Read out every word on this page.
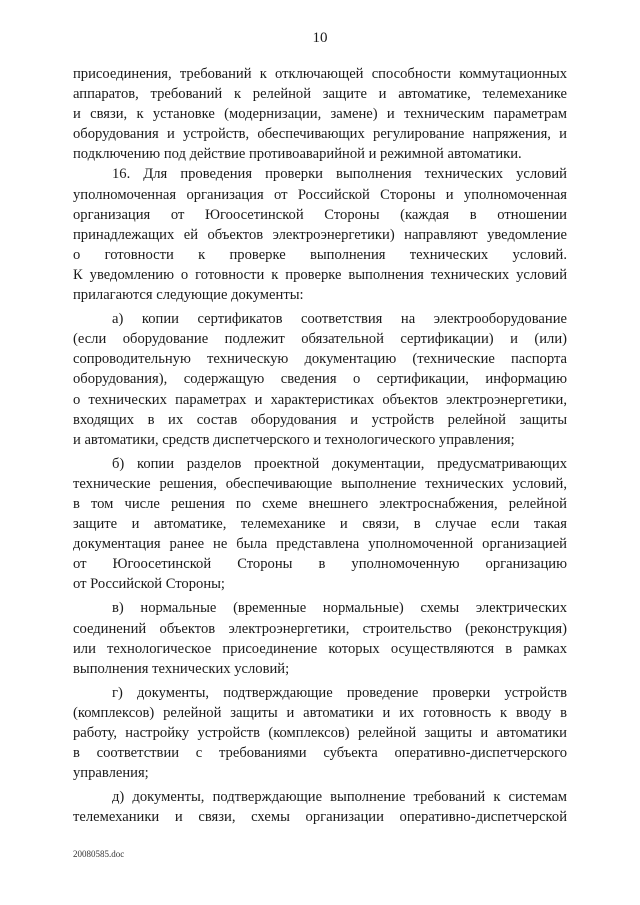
10
присоединения, требований к отключающей способности коммутационных
аппаратов, требований к релейной защите и автоматике, телемеханике
и связи, к установке (модернизации, замене) и техническим параметрам
оборудования и устройств, обеспечивающих регулирование напряжения, и
подключению под действие противоаварийной и режимной автоматики.
16. Для проведения проверки выполнения технических условий
уполномоченная организация от Российской Стороны и уполномоченная
организация от Югоосетинской Стороны (каждая в отношении
принадлежащих ей объектов электроэнергетики) направляют уведомление
о готовности к проверке выполнения технических условий.
К уведомлению о готовности к проверке выполнения технических условий
прилагаются следующие документы:
а) копии сертификатов соответствия на электрооборудование
(если оборудование подлежит обязательной сертификации) и (или)
сопроводительную техническую документацию (технические паспорта
оборудования), содержащую сведения о сертификации, информацию
о технических параметрах и характеристиках объектов электроэнергетики,
входящих в их состав оборудования и устройств релейной защиты
и автоматики, средств диспетчерского и технологического управления;
б) копии разделов проектной документации, предусматривающих
технические решения, обеспечивающие выполнение технических условий,
в том числе решения по схеме внешнего электроснабжения, релейной
защите и автоматике, телемеханике и связи, в случае если такая
документация ранее не была представлена уполномоченной организацией
от Югоосетинской Стороны в уполномоченную организацию
от Российской Стороны;
в) нормальные (временные нормальные) схемы электрических
соединений объектов электроэнергетики, строительство (реконструкция)
или технологическое присоединение которых осуществляются в рамках
выполнения технических условий;
г) документы, подтверждающие проведение проверки устройств
(комплексов) релейной защиты и автоматики и их готовность к вводу в
работу, настройку устройств (комплексов) релейной защиты и автоматики
в соответствии с требованиями субъекта оперативно-диспетчерского
управления;
д) документы, подтверждающие выполнение требований к системам
телемеханики и связи, схемы организации оперативно-диспетчерской
20080585.doc
